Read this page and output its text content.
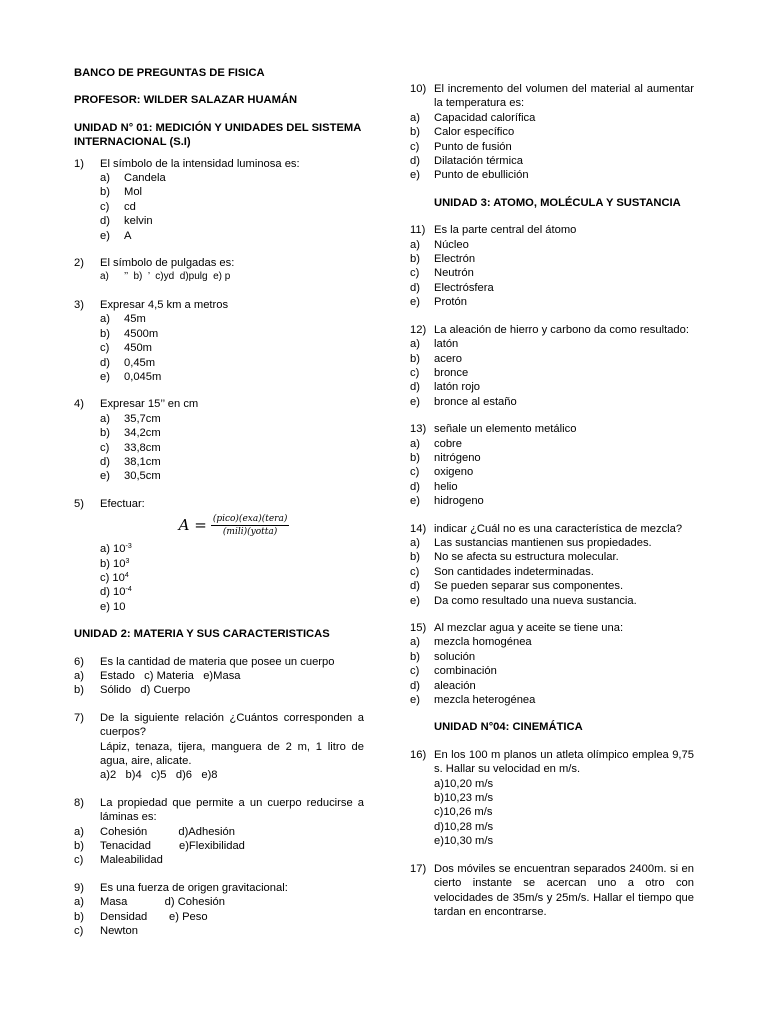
BANCO DE PREGUNTAS DE FISICA

PROFESOR: WILDER SALAZAR HUAMÁN

UNIDAD N° 01: MEDICIÓN Y UNIDADES DEL SISTEMA INTERNACIONAL (S.I)

1)	El símbolo de la intensidad luminosa es:
a)	Candela
b)	Mol
c)	cd
d)	kelvin
e)	A
2)	El símbolo de pulgadas es:
a)	’’  b)  ’  c)yd  d)pulg  e) p
3)	Expresar 4,5 km a metros
a)	45m
b)	4500m
c)	450m
d)	0,45m
e)	0,045m
4)	Expresar 15’’ en cm
a)	35,7cm
b)	34,2cm
c)	33,8cm
d)	38,1cm
e)	30,5cm
5)	Efectuar:
$A = \frac{\text{(pico)(exa)(tera)}}{\text{(mili)(yotta)}}$
a) $10^{-3}$
b) $10^3$
c) $10^4$
d) $10^{-4}$
e) 10

UNIDAD 2: MATERIA Y SUS CARACTERISTICAS

6)	Es la cantidad de materia que posee un cuerpo
a)	Estado   c) Materia   e)Masa
b)	Sólido   d) Cuerpo
7)	De la siguiente relación ¿Cuántos corresponden a cuerpos?
Lápiz, tenaza, tijera, manguera de 2 m, 1 litro de agua, aire, alicate.
a)2   b)4   c)5   d)6   e)8
8)	La propiedad que permite a un cuerpo reducirse a láminas es:
a)	Cohesión          d)Adhesión
b)	Tenacidad         e)Flexibilidad
c)	Maleabilidad
9)	Es una fuerza de origen gravitacional:
a)	Masa            d) Cohesión
b)	Densidad       e) Peso
c)	Newton
10) El incremento del volumen del material al aumentar la temperatura es:
a)	Capacidad calorífica
b)	Calor específico
c)	Punto de fusión
d)	Dilatación térmica
e)	Punto de ebullición

UNIDAD 3: ATOMO, MOLÉCULA Y SUSTANCIA

11) Es la parte central del átomo
a)	Núcleo
b)	Electrón
c)	Neutrón
d)	Electrósfera
e)	Protón
12) La aleación de hierro y carbono da como resultado:
a)	latón
b)	acero
c)	bronce
d)	latón rojo
e)	bronce al estaño
13) señale un elemento metálico
a)	cobre
b)	nitrógeno
c)	oxigeno
d)	helio
e)	hidrogeno
14) indicar ¿Cuál no es una característica de mezcla?
a)	Las sustancias mantienen sus propiedades.
b)	No se afecta su estructura molecular.
c)	Son cantidades indeterminadas.
d)	Se pueden separar sus componentes.
e)	Da como resultado una nueva sustancia.
15) Al mezclar agua y aceite se tiene una:
a)	mezcla homogénea
b)	solución
c)	combinación
d)	aleación
e)	mezcla heterogénea

UNIDAD N°04: CINEMÁTICA

16) En los 100 m planos un atleta olímpico emplea 9,75 s. Hallar su velocidad en m/s.
a)10,20 m/s
b)10,23 m/s
c)10,26 m/s
d)10,28 m/s
e)10,30 m/s
17) Dos móviles se encuentran separados 2400m. si en cierto instante se acercan uno a otro con velocidades de 35m/s y 25m/s. Hallar el tiempo que tardan en encontrarse.
